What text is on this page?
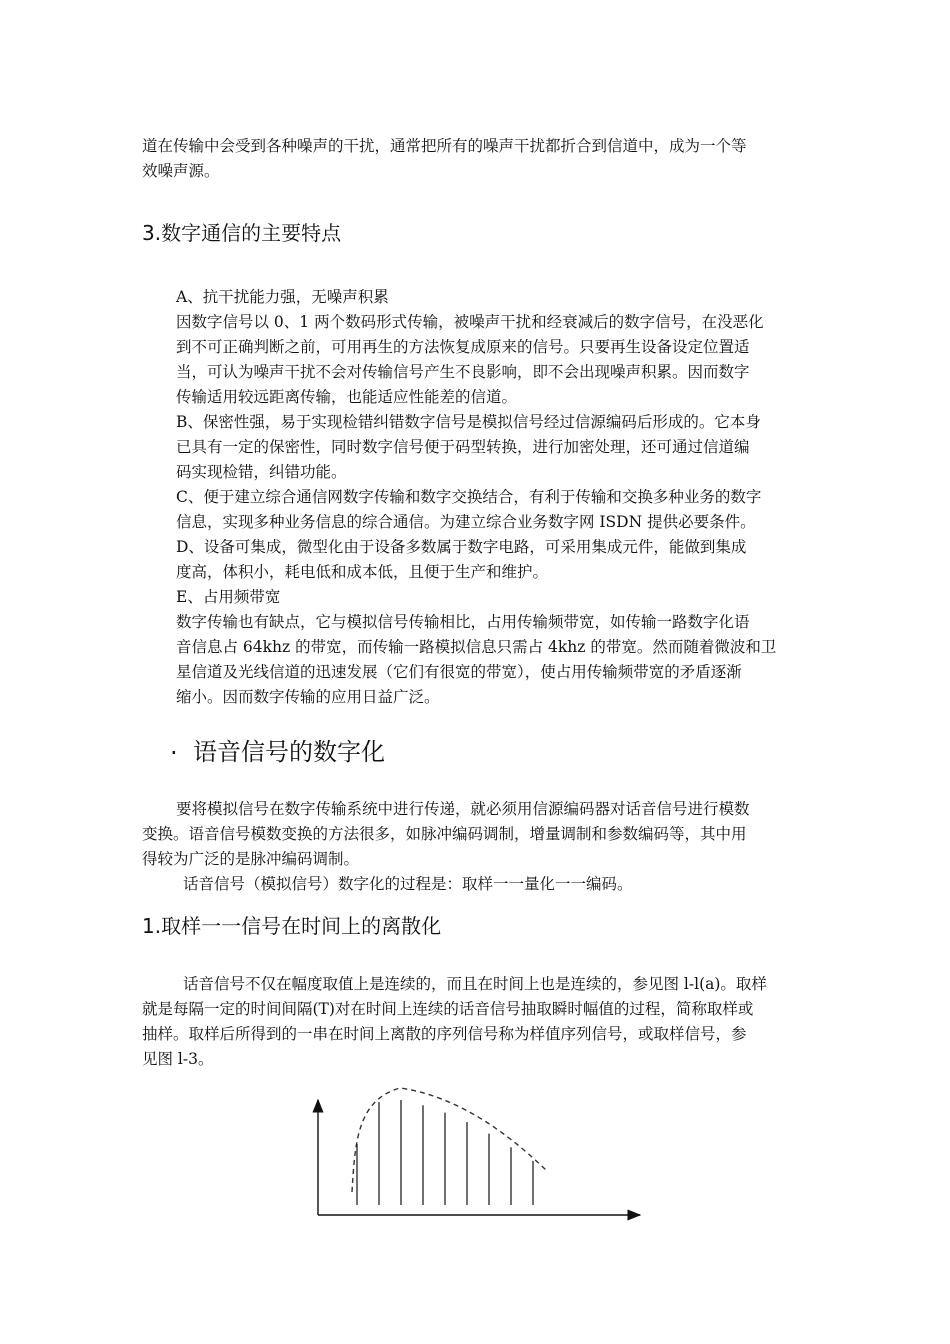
道在传输中会受到各种噪声的干扰，通常把所有的噪声干扰都折合到信道中，成为一个等

效噪声源。

3.数字通信的主要特点

A、抗干扰能力强，无噪声积累

因数字信号以 0、1 两个数码形式传输，被噪声干扰和经衰减后的数字信号，在没恶化

到不可正确判断之前，可用再生的方法恢复成原来的信号。只要再生设备设定位置适

当，可认为噪声干扰不会对传输信号产生不良影响，即不会出现噪声积累。因而数字

传输适用较远距离传输，也能适应性能差的信道。

B、保密性强，易于实现检错纠错数字信号是模拟信号经过信源编码后形成的。它本身

已具有一定的保密性，同时数字信号便于码型转换，进行加密处理，还可通过信道编

码实现检错，纠错功能。

C、便于建立综合通信网数字传输和数字交换结合，有利于传输和交换多种业务的数字

信息，实现多种业务信息的综合通信。为建立综合业务数字网 ISDN 提供必要条件。

D、设备可集成，微型化由于设备多数属于数字电路，可采用集成元件，能做到集成

度高，体积小，耗电低和成本低，且便于生产和维护。

E、占用频带宽

数字传输也有缺点，它与模拟信号传输相比，占用传输频带宽，如传输一路数字化语

音信息占 64khz 的带宽，而传输一路模拟信息只需占 4khz 的带宽。然而随着微波和卫

星信道及光线信道的迅速发展（它们有很宽的带宽），使占用传输频带宽的矛盾逐渐

缩小。因而数字传输的应用日益广泛。

. 语音信号的数字化

要将模拟信号在数字传输系统中进行传递，就必须用信源编码器对话音信号进行模数

变换。语音信号模数变换的方法很多，如脉冲编码调制，增量调制和参数编码等，其中用

得较为广泛的是脉冲编码调制。

话音信号（模拟信号）数字化的过程是：取样一一量化一一编码。

1.取样一一信号在时间上的离散化

话音信号不仅在幅度取值上是连续的，而且在时间上也是连续的，参见图 l-l(a)。取样

就是每隔一定的时间间隔(T)对在时间上连续的话音信号抽取瞬时幅值的过程，简称取样或

抽样。取样后所得到的一串在时间上离散的序列信号称为样值序列信号，或取样信号，参

见图 l-3。
